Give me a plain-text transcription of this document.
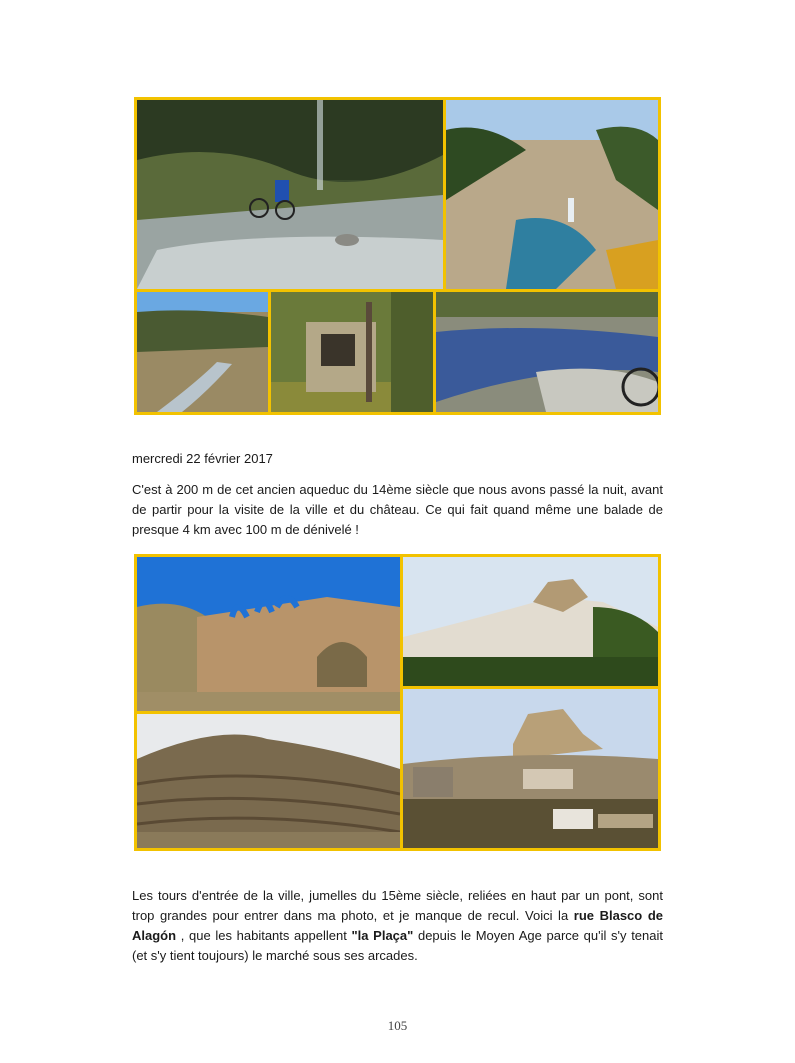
mercredi 22 février 2017

C'est à 200 m de cet ancien aqueduc du 14ème siècle que nous avons passé la nuit, avant de partir pour la visite de la ville et du château. Ce qui fait quand même une balade de presque 4 km avec 100 m de dénivelé !

Les tours d'entrée de la ville, jumelles du 15ème siècle, reliées en haut par un pont, sont trop grandes pour entrer dans ma photo, et je manque de recul. Voici la rue Blasco de Alagón , que les habitants appellent "la Plaça" depuis le Moyen Age parce qu'il s'y tenait (et s'y tient toujours) le marché sous ses arcades.

105
